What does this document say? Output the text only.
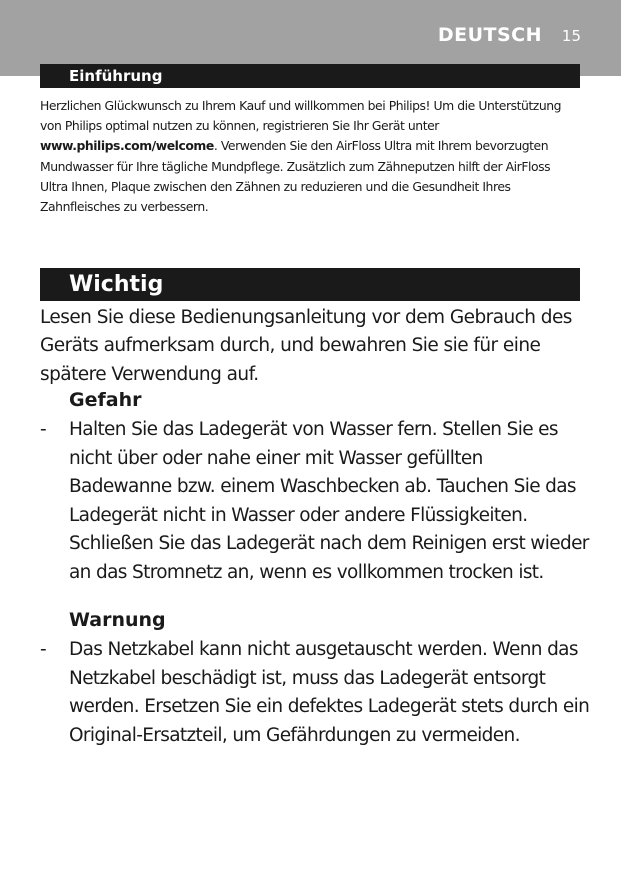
DEUTSCH 15
Einführung

Herzlichen Glückwunsch zu Ihrem Kauf und willkommen bei Philips! Um die Unterstützung von Philips optimal nutzen zu können, registrieren Sie Ihr Gerät unter www.philips.com/welcome. Verwenden Sie den AirFloss Ultra mit Ihrem bevorzugten Mundwasser für Ihre tägliche Mundpflege. Zusätzlich zum Zähneputzen hilft der AirFloss Ultra Ihnen, Plaque zwischen den Zähnen zu reduzieren und die Gesundheit Ihres Zahnfleisches zu verbessern.

Wichtig

Lesen Sie diese Bedienungsanleitung vor dem Gebrauch des Geräts aufmerksam durch, und bewahren Sie sie für eine spätere Verwendung auf.

Gefahr

- Halten Sie das Ladegerät von Wasser fern. Stellen Sie es nicht über oder nahe einer mit Wasser gefüllten Badewanne bzw. einem Waschbecken ab. Tauchen Sie das Ladegerät nicht in Wasser oder andere Flüssigkeiten. Schließen Sie das Ladegerät nach dem Reinigen erst wieder an das Stromnetz an, wenn es vollkommen trocken ist.

Warnung

- Das Netzkabel kann nicht ausgetauscht werden. Wenn das Netzkabel beschädigt ist, muss das Ladegerät entsorgt werden. Ersetzen Sie ein defektes Ladegerät stets durch ein Original-Ersatzteil, um Gefährdungen zu vermeiden.
